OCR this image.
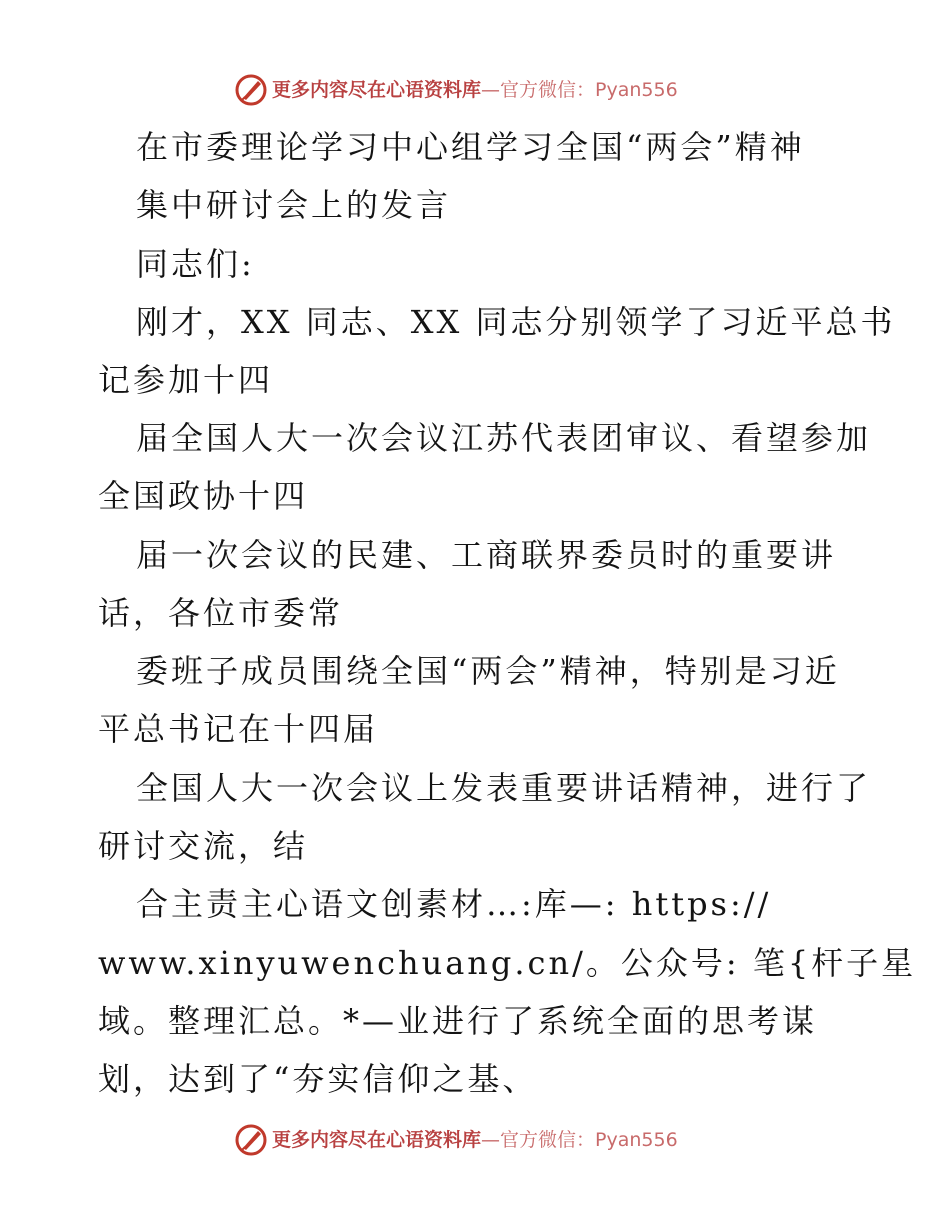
更多内容尽在心语资料库—官方微信：Pyan556
在市委理论学习中心组学习全国“两会”精神
集中研讨会上的发言
同志们:
刚才，XX 同志、XX 同志分别领学了习近平总书
记参加十四
届全国人大一次会议江苏代表团审议、看望参加
全国政协十四
届一次会议的民建、工商联界委员时的重要讲
话，各位市委常
委班子成员围绕全国“两会”精神，特别是习近
平总书记在十四届
全国人大一次会议上发表重要讲话精神，进行了
研讨交流，结
合主责主心语文创素材…:库—: https://
www.xinyuwenchuang.cn/。公众号: 笔{杆子星
域。整理汇总。*—业进行了系统全面的思考谋
划，达到了“夯实信仰之基、
更多内容尽在心语资料库—官方微信：Pyan556
